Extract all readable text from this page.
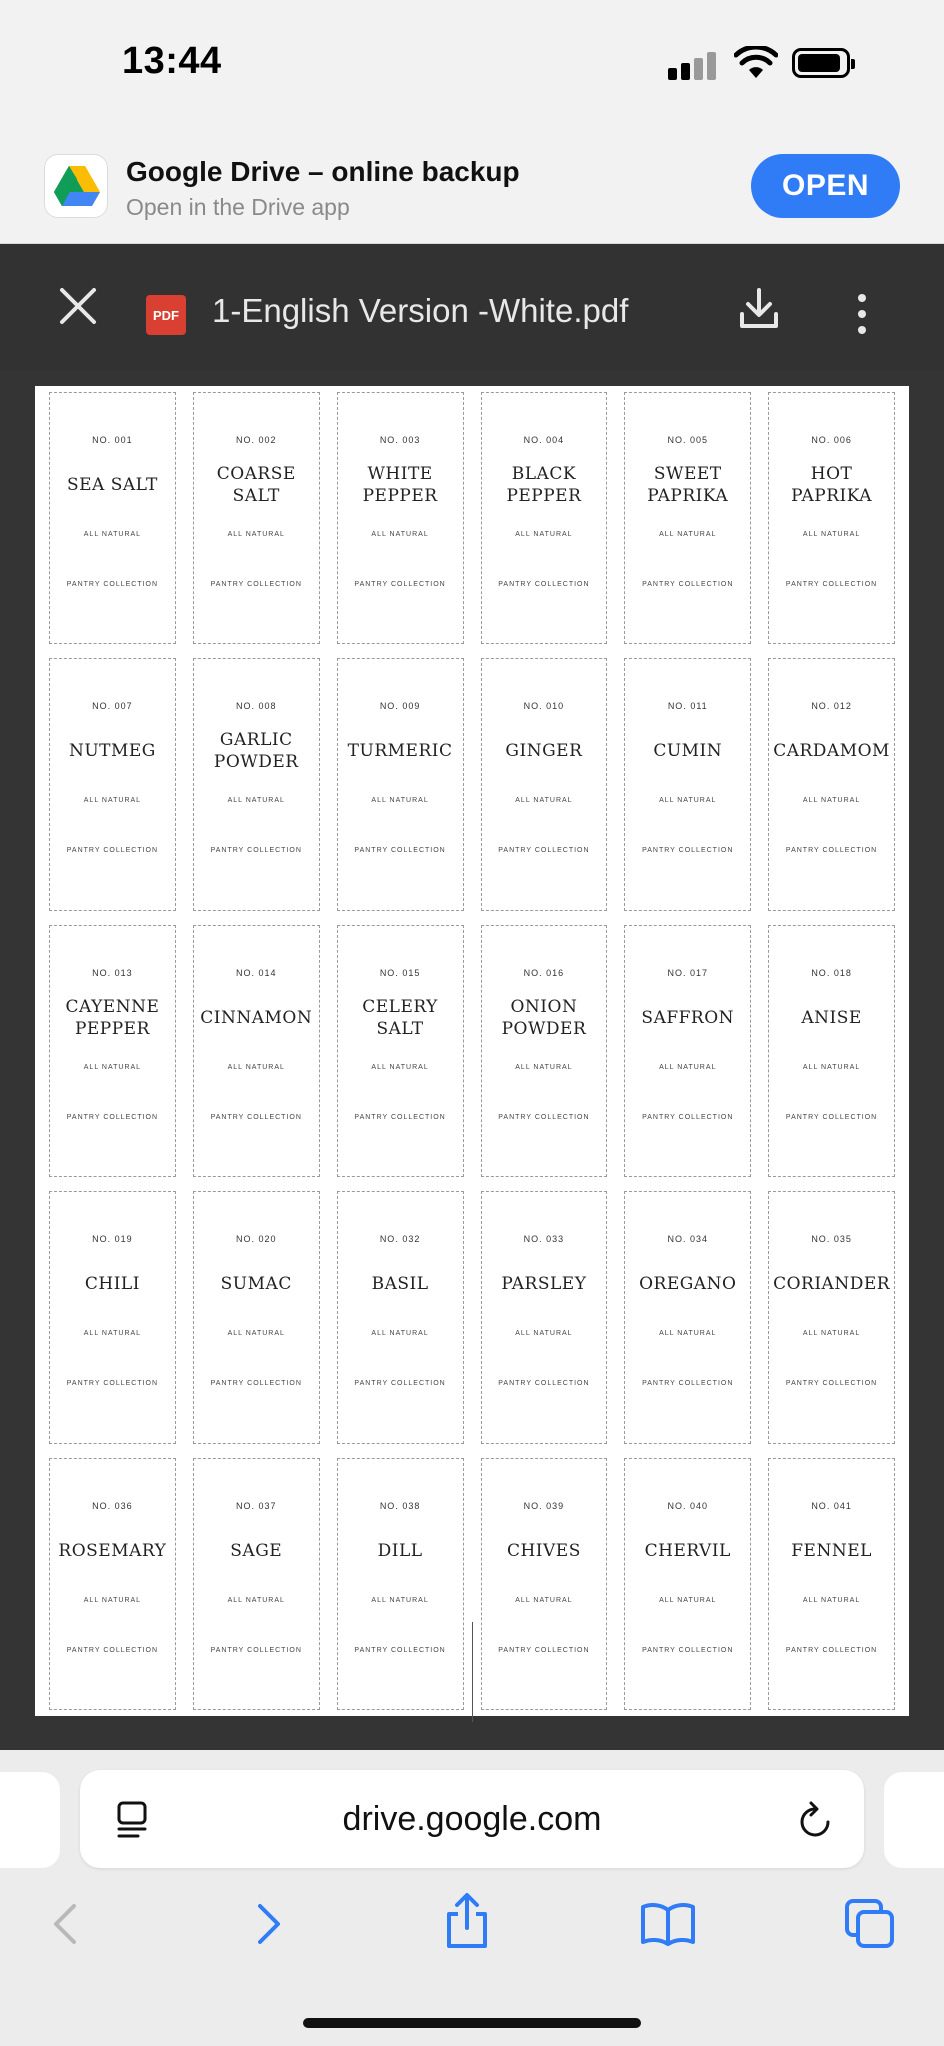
13:44
Google Drive – online backup
Open in the Drive app
OPEN
PDF 1-English Version -White.pdf
NO. 001
SEA SALT
ALL NATURAL
PANTRY COLLECTION
NO. 002
COARSE
SALT
ALL NATURAL
PANTRY COLLECTION
NO. 003
WHITE
PEPPER
ALL NATURAL
PANTRY COLLECTION
NO. 004
BLACK
PEPPER
ALL NATURAL
PANTRY COLLECTION
NO. 005
SWEET
PAPRIKA
ALL NATURAL
PANTRY COLLECTION
NO. 006
HOT
PAPRIKA
ALL NATURAL
PANTRY COLLECTION
NO. 007
NUTMEG
ALL NATURAL
PANTRY COLLECTION
NO. 008
GARLIC
POWDER
ALL NATURAL
PANTRY COLLECTION
NO. 009
TURMERIC
ALL NATURAL
PANTRY COLLECTION
NO. 010
GINGER
ALL NATURAL
PANTRY COLLECTION
NO. 011
CUMIN
ALL NATURAL
PANTRY COLLECTION
NO. 012
CARDAMOM
ALL NATURAL
PANTRY COLLECTION
NO. 013
CAYENNE
PEPPER
ALL NATURAL
PANTRY COLLECTION
NO. 014
CINNAMON
ALL NATURAL
PANTRY COLLECTION
NO. 015
CELERY
SALT
ALL NATURAL
PANTRY COLLECTION
NO. 016
ONION
POWDER
ALL NATURAL
PANTRY COLLECTION
NO. 017
SAFFRON
ALL NATURAL
PANTRY COLLECTION
NO. 018
ANISE
ALL NATURAL
PANTRY COLLECTION
NO. 019
CHILI
ALL NATURAL
PANTRY COLLECTION
NO. 020
SUMAC
ALL NATURAL
PANTRY COLLECTION
NO. 032
BASIL
ALL NATURAL
PANTRY COLLECTION
NO. 033
PARSLEY
ALL NATURAL
PANTRY COLLECTION
NO. 034
OREGANO
ALL NATURAL
PANTRY COLLECTION
NO. 035
CORIANDER
ALL NATURAL
PANTRY COLLECTION
NO. 036
ROSEMARY
ALL NATURAL
PANTRY COLLECTION
NO. 037
SAGE
ALL NATURAL
PANTRY COLLECTION
NO. 038
DILL
ALL NATURAL
PANTRY COLLECTION
NO. 039
CHIVES
ALL NATURAL
PANTRY COLLECTION
NO. 040
CHERVIL
ALL NATURAL
PANTRY COLLECTION
NO. 041
FENNEL
ALL NATURAL
PANTRY COLLECTION
drive.google.com
